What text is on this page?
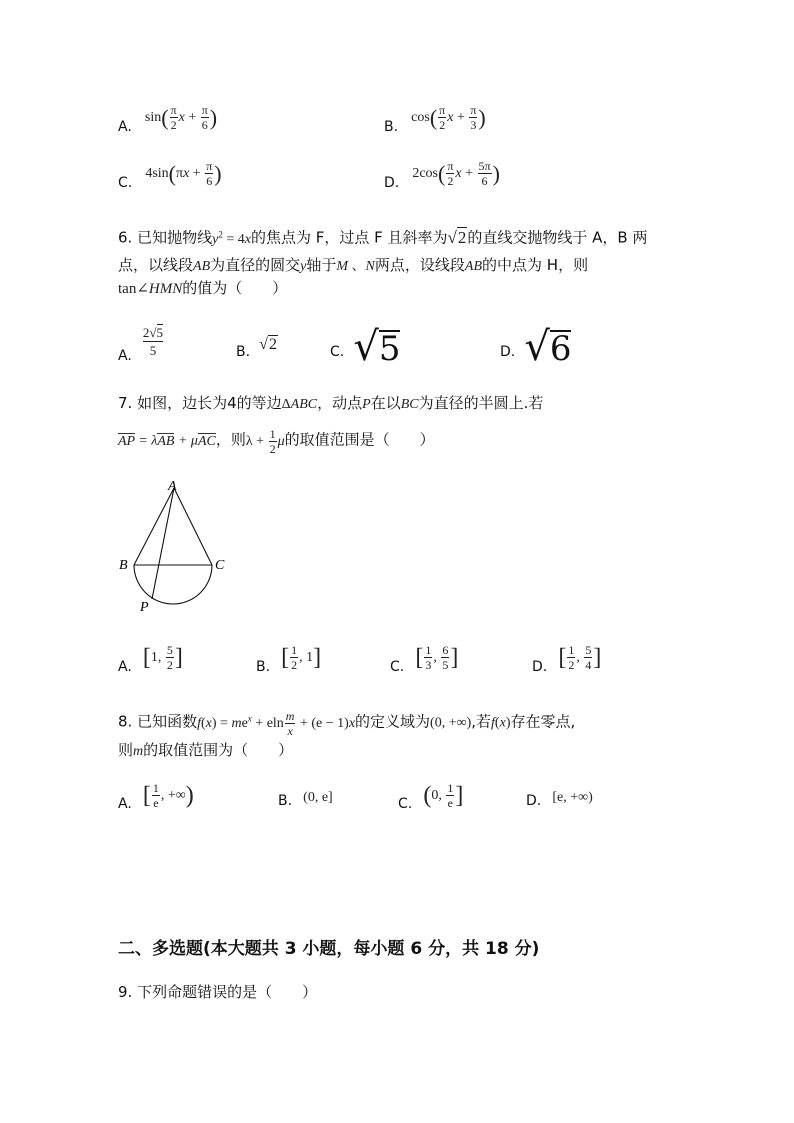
A. $\sin( \frac{\pi}{2}$ $x + \frac{\pi}{6}$ )	B. $\cos( \frac{\pi}{2}$ $x + \frac{\pi}{3}$ )
C. $4\sin(\pi x + \frac{\pi}{6}$ )	D. $2\cos( \frac{\pi}{2}$ $x + \frac{5\pi}{6}$ )
6. 已知抛物线$y^2 = 4x$的焦点为 F，过点 F 且斜率为√2的直线交抛物线于 A，B 两
点，以线段AB为直径的圆交y轴于M 、N两点，设线段AB的中点为 H，则
tan∠HMN的值为（　　）
A. $\frac{2√5}{5}$	B. √2	C. √5	D. √6
7. 如图，边长为4的等边ΔABC，动点P在以BC为直径的半圆上.若
AP = λAB + μAC，则$\lambda + \frac{1}{2}$ μ的取值范围是（　　）
A
B	C
P
A. [1, $\frac{5}{2}$ ]	B. [ $\frac{1}{2}$ , 1]	C. [ $\frac{1}{3}$ , $\frac{6}{5}$ ]	D. [ $\frac{1}{2}$ , $\frac{5}{4}$ ]
8. 已知函数$f(x) = me^x + eln \frac{m}{x} + (e - 1)x$的定义域为(0, +∞),若f(x)存在零点,
则m的取值范围为（　　）
A. [ $\frac{1}{e}$ , +∞)	B. (0, e]	C. (0, $\frac{1}{e}$ ]	D. [e, +∞)
二、多选题(本大题共 3 小题，每小题 6 分，共 18 分)
9. 下列命题错误的是（　　）
